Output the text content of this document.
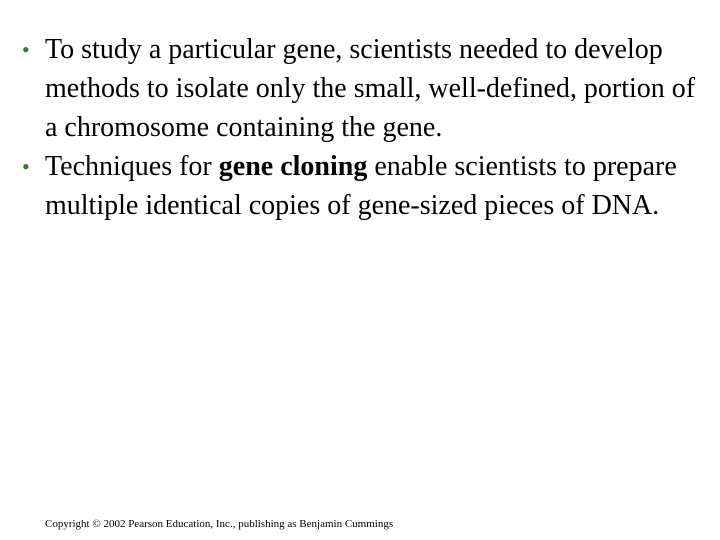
• To study a particular gene, scientists needed to develop methods to isolate only the small, well-defined, portion of a chromosome containing the gene.
• Techniques for gene cloning enable scientists to prepare multiple identical copies of gene-sized pieces of DNA.
Copyright © 2002 Pearson Education, Inc., publishing as Benjamin Cummings
